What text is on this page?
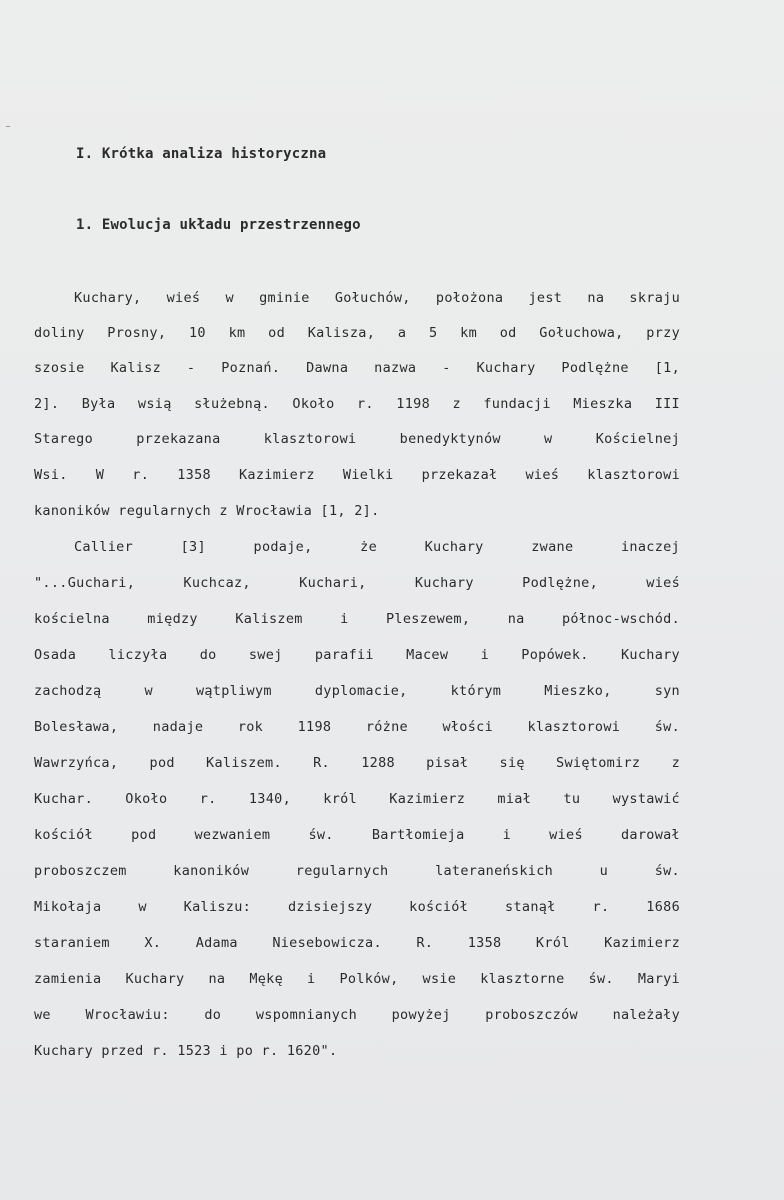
I. Krótka analiza historyczna
1. Ewolucja układu przestrzennego
Kuchary, wieś w gminie Gołuchów, położona jest na skraju
doliny Prosny, 10 km od Kalisza, a 5 km od Gołuchowa, przy
szosie Kalisz - Poznań. Dawna nazwa - Kuchary Podlężne [1,
2]. Była wsią służebną. Około r. 1198 z fundacji Mieszka III
Starego przekazana klasztorowi benedyktynów w Kościelnej
Wsi. W r. 1358 Kazimierz Wielki przekazał wieś klasztorowi
kanoników regularnych z Wrocławia [1, 2].
Callier [3] podaje, że Kuchary zwane inaczej
"...Guchari, Kuchcaz, Kuchari, Kuchary Podlężne, wieś
kościelna między Kaliszem i Pleszewem, na północ-wschód.
Osada liczyła do swej parafii Macew i Popówek. Kuchary
zachodzą w wątpliwym dyplomacie, którym Mieszko, syn
Bolesława, nadaje rok 1198 różne włości klasztorowi św.
Wawrzyńca, pod Kaliszem. R. 1288 pisał się Swiętomirz z
Kuchar. Około r. 1340, król Kazimierz miał tu wystawić
kościół pod wezwaniem św. Bartłomieja i wieś darował
proboszczem kanoników regularnych lateraneńskich u św.
Mikołaja w Kaliszu: dzisiejszy kościół stanął r. 1686
staraniem X. Adama Niesebowicza. R. 1358 Król Kazimierz
zamienia Kuchary na Mękę i Polków, wsie klasztorne św. Maryi
we Wrocławiu: do wspomnianych powyżej proboszczów należały
Kuchary przed r. 1523 i po r. 1620".
